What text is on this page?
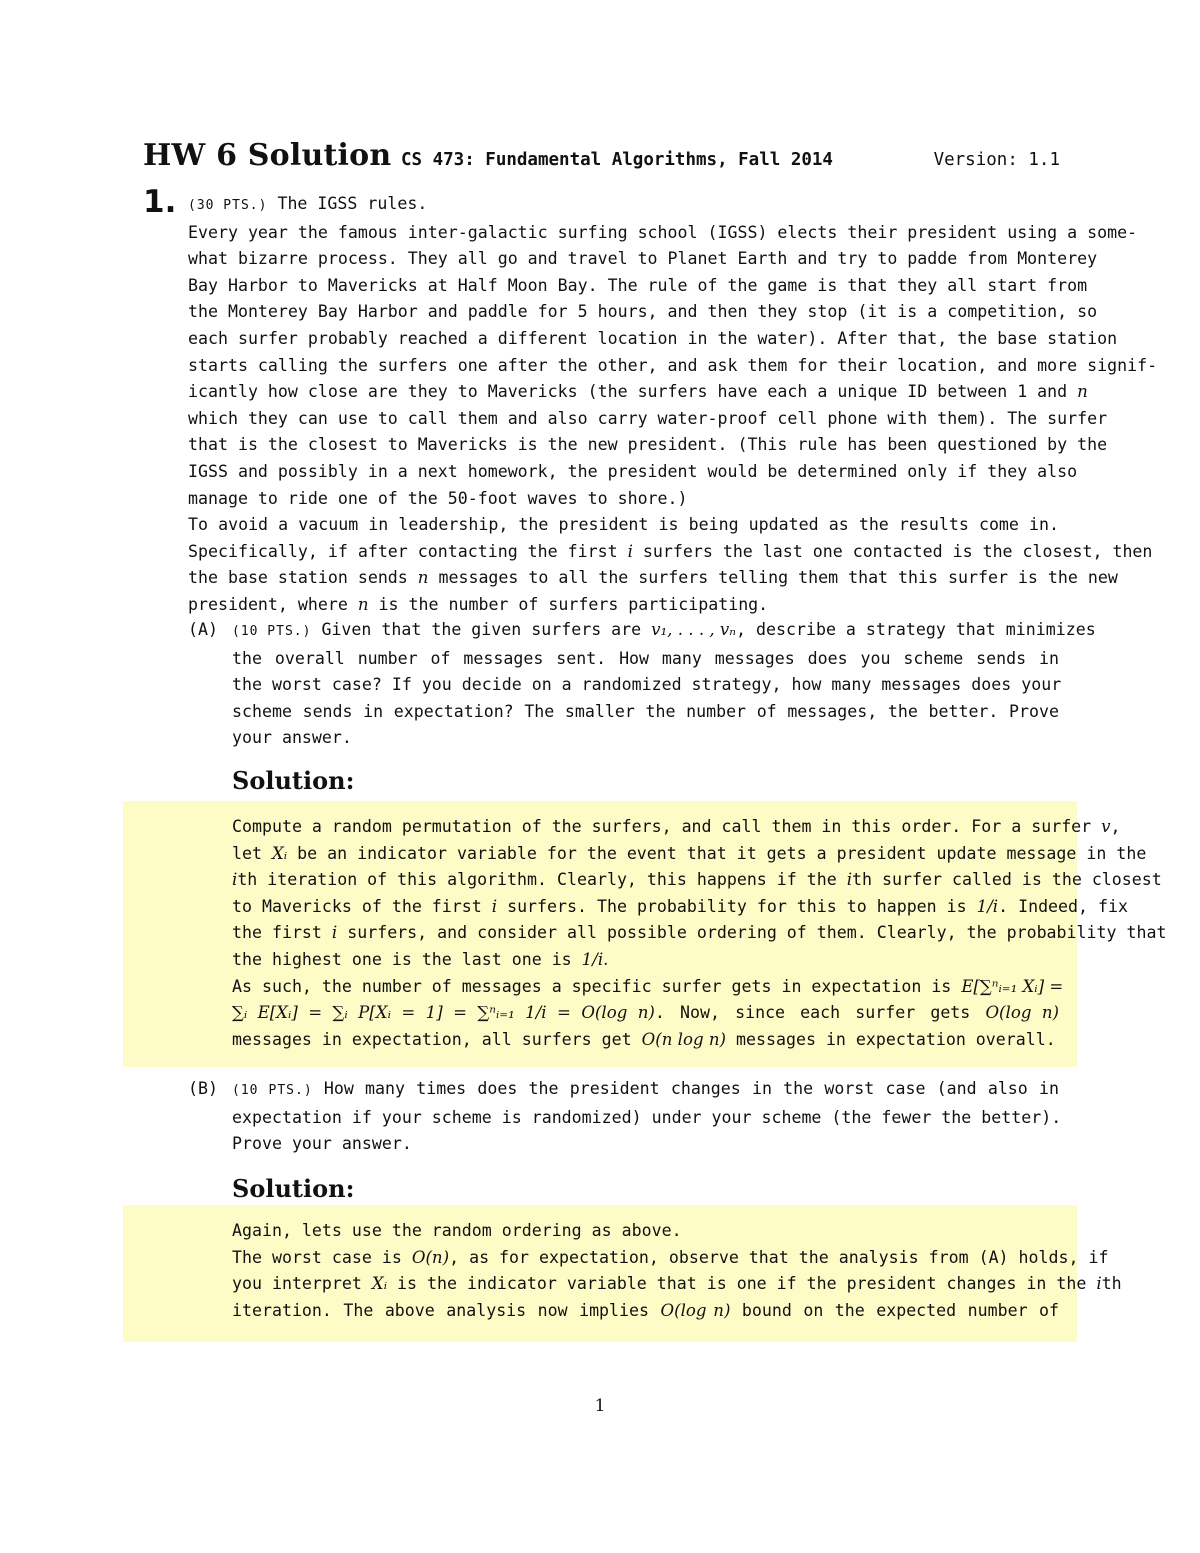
HW 6 Solution CS 473: Fundamental Algorithms, Fall 2014	Version: 1.1
1. (30 PTS.) The IGSS rules.
Every year the famous inter-galactic surfing school (IGSS) elects their president using a some-
what bizarre process. They all go and travel to Planet Earth and try to padde from Monterey
Bay Harbor to Mavericks at Half Moon Bay. The rule of the game is that they all start from
the Monterey Bay Harbor and paddle for 5 hours, and then they stop (it is a competition, so
each surfer probably reached a different location in the water). After that, the base station
starts calling the surfers one after the other, and ask them for their location, and more signif-
icantly how close are they to Mavericks (the surfers have each a unique ID between 1 and n
which they can use to call them and also carry water-proof cell phone with them). The surfer
that is the closest to Mavericks is the new president. (This rule has been questioned by the
IGSS and possibly in a next homework, the president would be determined only if they also
manage to ride one of the 50-foot waves to shore.)
To avoid a vacuum in leadership, the president is being updated as the results come in.
Specifically, if after contacting the first i surfers the last one contacted is the closest, then
the base station sends n messages to all the surfers telling them that this surfer is the new
president, where n is the number of surfers participating.
(A) (10 PTS.) Given that the given surfers are v₁, . . . , vₙ, describe a strategy that minimizes
the overall number of messages sent. How many messages does you scheme sends in
the worst case? If you decide on a randomized strategy, how many messages does your
scheme sends in expectation? The smaller the number of messages, the better. Prove
your answer.
Solution:
Compute a random permutation of the surfers, and call them in this order. For a surfer v,
let Xᵢ be an indicator variable for the event that it gets a president update message in the
ith iteration of this algorithm. Clearly, this happens if the ith surfer called is the closest
to Mavericks of the first i surfers. The probability for this to happen is 1/i. Indeed, fix
the first i surfers, and consider all possible ordering of them. Clearly, the probability that
the highest one is the last one is 1/i.
As such, the number of messages a specific surfer gets in expectation is E[∑ⁿᵢ₌₁ Xᵢ] =
∑ᵢ E[Xᵢ] = ∑ᵢ P[Xᵢ = 1] = ∑ⁿᵢ₌₁ 1/i = O(log n). Now, since each surfer gets O(log n)
messages in expectation, all surfers get O(n log n) messages in expectation overall.
(B) (10 PTS.) How many times does the president changes in the worst case (and also in
expectation if your scheme is randomized) under your scheme (the fewer the better).
Prove your answer.
Solution:
Again, lets use the random ordering as above.
The worst case is O(n), as for expectation, observe that the analysis from (A) holds, if
you interpret Xᵢ is the indicator variable that is one if the president changes in the ith
iteration. The above analysis now implies O(log n) bound on the expected number of
1
